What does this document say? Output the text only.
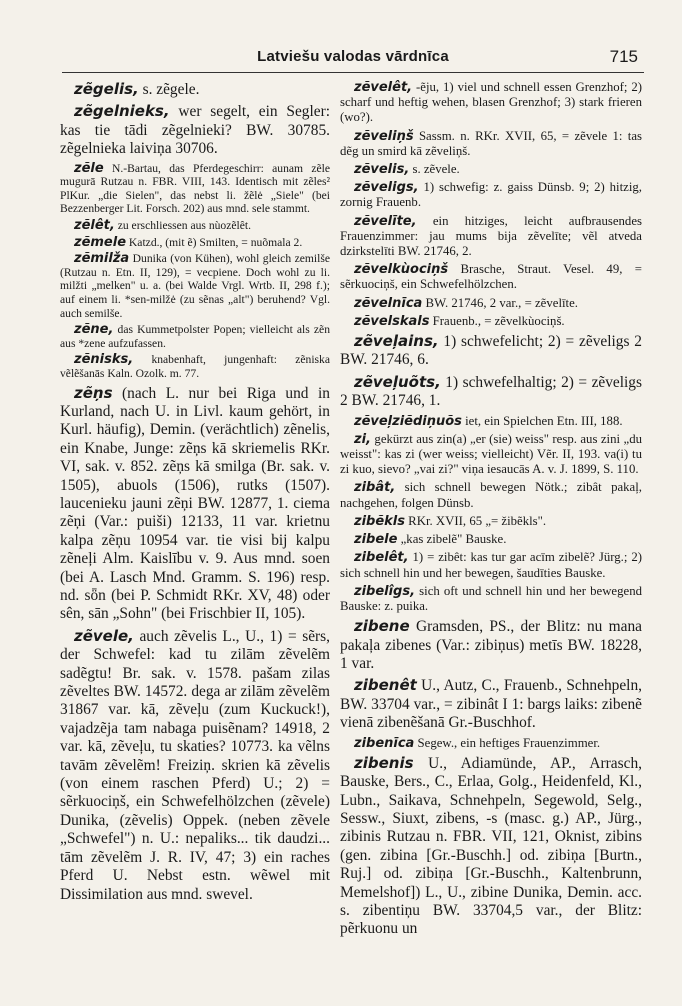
Latviešu valodas vārdnīca	715

zẽgelis, s. zẽgele.

zẽgelnieks, wer segelt, ein Segler: kas tie tādi zẽgelnieki? BW. 30785. zẽgelnieka laiviņa 30706.

zẽle N.-Bartau, das Pferdegeschirr: aunam zẽle mugurā Rutzau n. FBR. VIII, 143. Identisch mit zẽles² PlKur. „die Sielen", das nebst li. žẽlė „Siele" (bei Bezzenberger Lit. Forsch. 202) aus mnd. sele stammt.

zẽlêt, zu erschliessen aus nùozẽlêt.

zẽmele Katzd., (mit ẽ) Smilten, = nuõmala 2.

zẽmilža Dunika (von Kühen), wohl gleich zemilše (Rutzau n. Etn. II, 129), = vecpiene. Doch wohl zu li. milžti „melken" u. a. (bei Walde Vrgl. Wrtb. II, 298 f.); auf einem li. *sen-milžė (zu sẽnas „alt") beruhend? Vgl. auch semilše.

zẽne, das Kummetpolster Popen; vielleicht als zẽn aus *zene aufzufassen.

zẽnisks, knabenhaft, jungenhaft: zẽniska vẽlẽšanās Kaln. Ozolk. m. 77.

zẽņs (nach L. nur bei Riga und in Kurland, nach U. in Livl. kaum gehört, in Kurl. häufig), Demin. (verächtlich) zẽnelis, ein Knabe, Junge: zẽņs kā skriemelis RKr. VI, sak. v. 852. zẽņs kā smilga (Br. sak. v. 1505), abuols (1506), rutks (1507). laucenieku jauni zẽņi BW. 12877, 1. ciema zẽņi (Var.: puiši) 12133, 11 var. krietnu kalpa zẽņu 10954 var. tie visi bij kalpu zẽneļi Alm. Kaislību v. 9. Aus mnd. soen (bei A. Lasch Mnd. Gramm. S. 196) resp. nd. sȫn (bei P. Schmidt RKr. XV, 48) oder sên, sān „Sohn" (bei Frischbier II, 105).

zẽvele, auch zẽvelis L., U., 1) = sẽrs, der Schwefel: kad tu zilām zẽvelẽm sadẽgtu! Br. sak. v. 1578. pašam zilas zẽveltes BW. 14572. dega ar zilām zẽvelẽm 31867 var. kā, zẽveļu (zum Kuckuck!), vajadzẽja tam nabaga puisẽnam? 14918, 2 var. kā, zẽveļu, tu skaties? 10773. ka vẽlns tavām zẽvelẽm! Freiziņ. skrien kā zẽvelis (von einem raschen Pferd) U.; 2) = sẽrkuociņš, ein Schwefelhölzchen (zẽvele) Dunika, (zẽvelis) Oppek. (neben zẽvele „Schwefel") n. U.: nepaliks... tik daudzi... tām zẽvelẽm J. R. IV, 47; 3) ein raches Pferd U. Nebst estn. wẽwel mit Dissimilation aus mnd. swevel.

zẽvelêt, -ẽju, 1) viel und schnell essen Grenzhof; 2) scharf und heftig wehen, blasen Grenzhof; 3) stark frieren (wo?).

zẽveliņš Sassm. n. RKr. XVII, 65, = zẽvele 1: tas dẽg un smird kā zẽveliņš.

zẽvelis, s. zẽvele.

zẽveligs, 1) schwefig: z. gaiss Dünsb. 9; 2) hitzig, zornig Frauenb.

zẽvelīte, ein hitziges, leicht aufbrausendes Frauenzimmer: jau mums bija zẽvelīte; vẽl atveda dzirkstelīti BW. 21746, 2.

zẽvelkùociņš Brasche, Straut. Vesel. 49, = sẽrkuociņš, ein Schwefelhölzchen.

zẽvelnīca BW. 21746, 2 var., = zẽvelīte.

zẽvelskals Frauenb., = zẽvelkùociņš.

zẽveļains, 1) schwefelicht; 2) = zẽveligs 2 BW. 21746, 6.

zẽveļuõts, 1) schwefelhaltig; 2) = zẽveligs 2 BW. 21746, 1.

zẽveļziẽdiņuõs iet, ein Spielchen Etn. III, 188.

zi, gekürzt aus zin(a) „er (sie) weiss" resp. aus zini „du weisst": kas zi (wer weiss; vielleicht) Vẽr. II, 193. va(i) tu zi kuo, sievo? „vai zi?" viņa iesaucās A. v. J. 1899, S. 110.

zibât, sich schnell bewegen Nötk.; zibât pakaļ, nachgehen, folgen Dünsb.

zibẽkls RKr. XVII, 65 „= žibẽkls".

zibele „kas zibelẽ" Bauske.

zibelêt, 1) = zibêt: kas tur gar acīm zibelẽ? Jürg.; 2) sich schnell hin und her bewegen, šaudīties Bauske.

zibelîgs, sich oft und schnell hin und her bewegend Bauske: z. puika.

zibene Gramsden, PS., der Blitz: nu mana pakaļa zibenes (Var.: zibiņus) metīs BW. 18228, 1 var.

zibenêt U., Autz, C., Frauenb., Schnehpeln, BW. 33704 var., = zibinât I 1: bargs laiks: zibenẽ vienā zibenẽšanā Gr.-Buschhof.

zibenīca Segew., ein heftiges Frauenzimmer.

zibenis U., Adiamünde, AP., Arrasch, Bauske, Bers., C., Erlaa, Golg., Heidenfeld, Kl., Lubn., Saikava, Schnehpeln, Segewold, Selg., Sessw., Siuxt, zibens, -s (masc. g.) AP., Jürg., zibinis Rutzau n. FBR. VII, 121, Oknist, zibins (gen. zibina [Gr.-Buschh.] od. zibiņa [Burtn., Ruj.] od. zibiņa [Gr.-Buschh., Kaltenbrunn, Memelshof]) L., U., zibine Dunika, Demin. acc. s. zibentiņu BW. 33704,5 var., der Blitz: pẽrkuonu un
